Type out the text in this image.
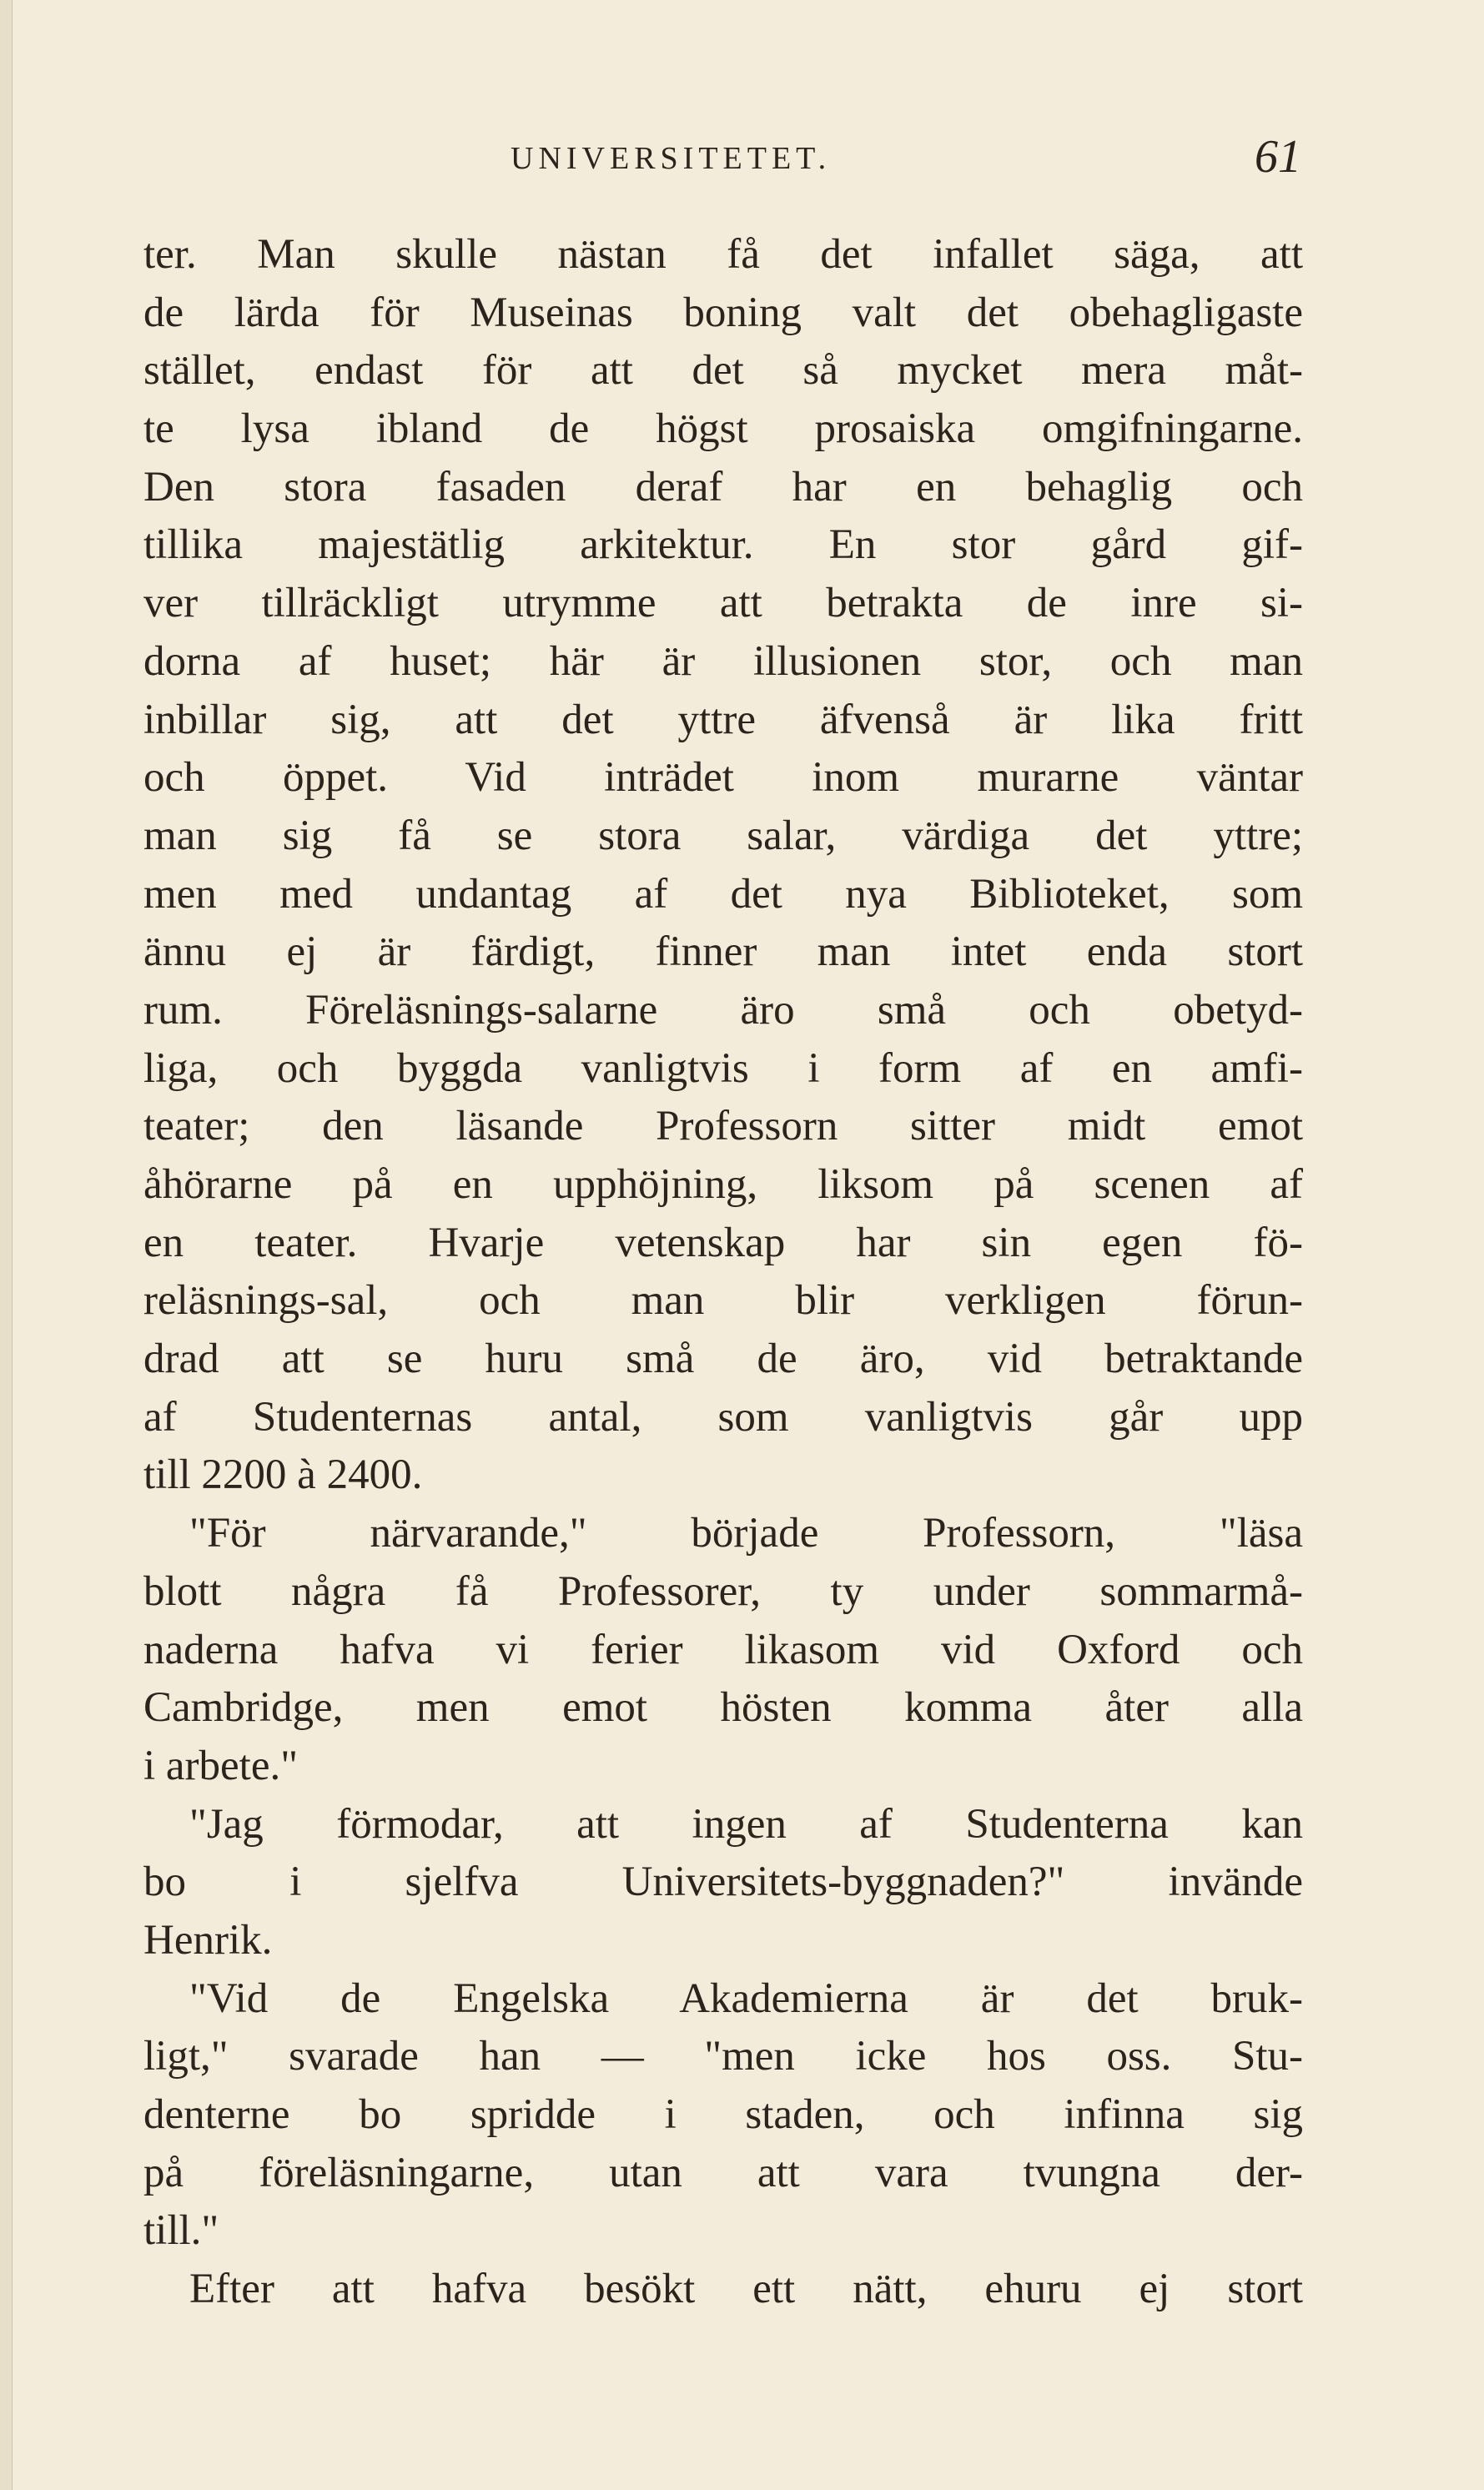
UNIVERSITETET.	61
ter. Man skulle nästan få det infallet säga, att
de lärda för Museinas boning valt det obehagligaste
stället, endast för att det så mycket mera måt-
te lysa ibland de högst prosaiska omgifningarne.
Den stora fasaden deraf har en behaglig och
tillika majestätlig arkitektur. En stor gård gif-
ver tillräckligt utrymme att betrakta de inre si-
dorna af huset; här är illusionen stor, och man
inbillar sig, att det yttre äfvenså är lika fritt
och öppet. Vid inträdet inom murarne väntar
man sig få se stora salar, värdiga det yttre;
men med undantag af det nya Biblioteket, som
ännu ej är färdigt, finner man intet enda stort
rum. Föreläsnings-salarne äro små och obetyd-
liga, och byggda vanligtvis i form af en amfi-
teater; den läsande Professorn sitter midt emot
åhörarne på en upphöjning, liksom på scenen af
en teater. Hvarje vetenskap har sin egen fö-
reläsnings-sal, och man blir verkligen förun-
drad att se huru små de äro, vid betraktande
af Studenternas antal, som vanligtvis går upp
till 2200 à 2400.
"För närvarande," började Professorn, "läsa
blott några få Professorer, ty under sommarmå-
naderna hafva vi ferier likasom vid Oxford och
Cambridge, men emot hösten komma åter alla
i arbete."
"Jag förmodar, att ingen af Studenterna kan
bo i sjelfva Universitets-byggnaden?" invände
Henrik.
"Vid de Engelska Akademierna är det bruk-
ligt," svarade han — "men icke hos oss. Stu-
denterne bo spridde i staden, och infinna sig
på föreläsningarne, utan att vara tvungna der-
till."
Efter att hafva besökt ett nätt, ehuru ej stort
